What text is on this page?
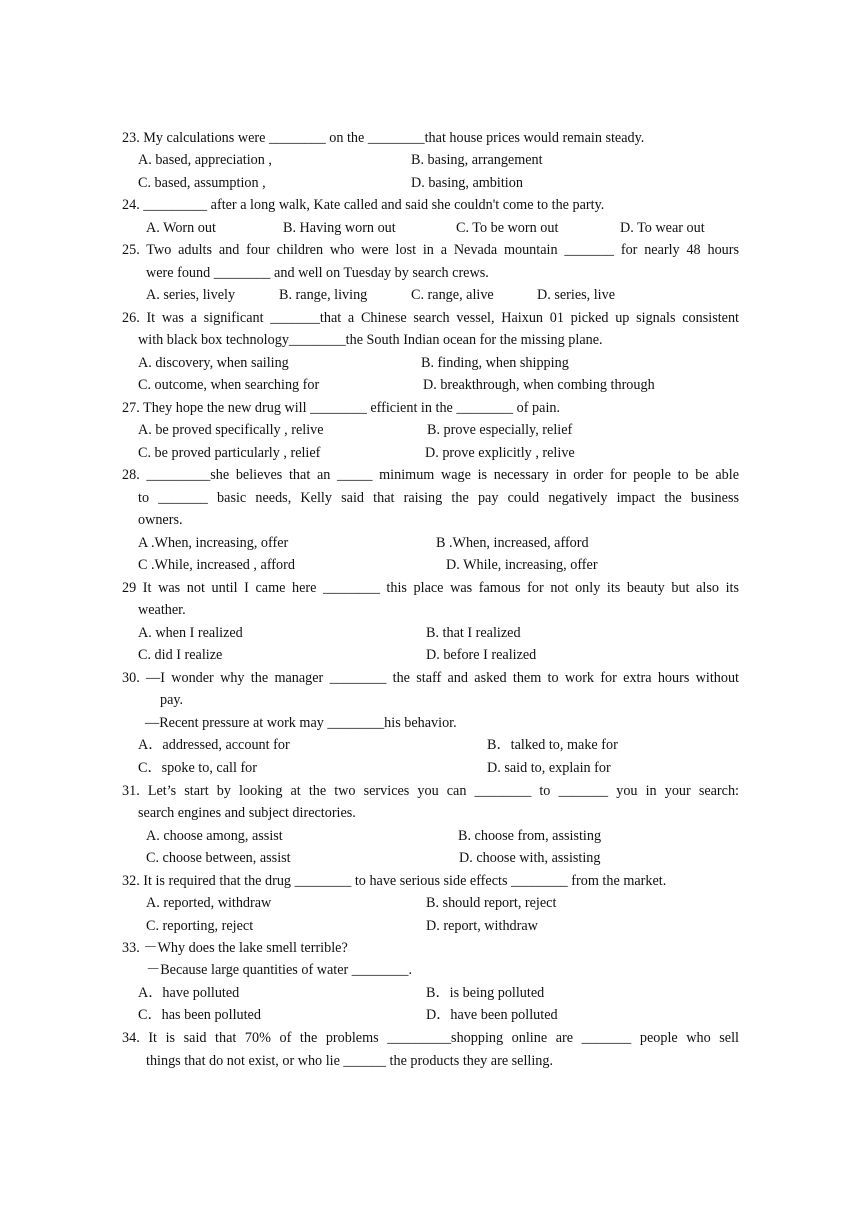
23. My calculations were ________ on the ________that house prices would remain steady.
A. based, appreciation ,	B. basing, arrangement
C. based, assumption ,	D. basing, ambition
24. _________ after a long walk, Kate called and said she couldn't come to the party.
A. Worn out	B. Having worn out	C. To be worn out	D. To wear out
25. Two adults and four children who were lost in a Nevada mountain _______ for nearly 48 hours
were found ________ and well on Tuesday by search crews.
A. series, lively	B. range, living	C. range, alive	D. series, live
26. It was a significant _______that a Chinese search vessel, Haixun 01 picked up signals consistent
with black box technology________the South Indian ocean for the missing plane.
A. discovery, when sailing	B. finding, when shipping
C. outcome, when searching for	D. breakthrough, when combing through
27. They hope the new drug will ________ efficient in the ________ of pain.
A. be proved specifically , relive	B. prove especially, relief
C. be proved particularly , relief	D. prove explicitly , relive
28. _________she believes that an _____ minimum wage is necessary in order for people to be able
to _______ basic needs, Kelly said that raising the pay could negatively impact the business
owners.
A .When, increasing, offer	B .When, increased, afford
C .While, increased , afford	D. While, increasing, offer
29 It was not until I came here ________ this place was famous for not only its beauty but also its
weather.
A. when I realized	B. that I realized
C. did I realize	D. before I realized
30. —I wonder why the manager ________ the staff and asked them to work for extra hours without
pay.
—Recent pressure at work may ________his behavior.
A．addressed, account for	B．talked to, make for
C．spoke to, call for	D. said to, explain for
31. Let’s start by looking at the two services you can ________ to _______ you in your search:
search engines and subject directories.
A. choose among, assist	B. choose from, assisting
C. choose between, assist	D. choose with, assisting
32. It is required that the drug ________ to have serious side effects ________ from the market.
A. reported, withdraw	B. should report, reject
C. reporting, reject	D. report, withdraw
33. －Why does the lake smell terrible?
－Because large quantities of water ________.
A．have polluted	B．is being polluted
C．has been polluted	D．have been polluted
34. It is said that 70% of the problems _________shopping online are _______ people who sell
things that do not exist, or who lie ______ the products they are selling.
